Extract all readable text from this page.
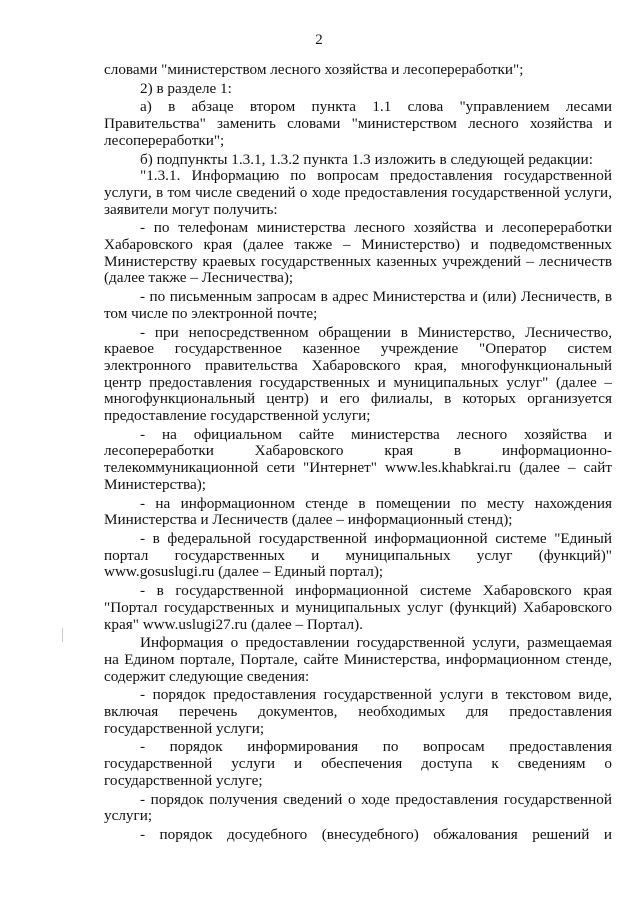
2

словами "министерством лесного хозяйства и лесопереработки";

2) в разделе 1:

а) в абзаце втором пункта 1.1 слова "управлением лесами Правительства" заменить словами "министерством лесного хозяйства и лесопереработки";

б) подпункты 1.3.1, 1.3.2 пункта 1.3 изложить в следующей редакции:

"1.3.1. Информацию по вопросам предоставления государственной услуги, в том числе сведений о ходе предоставления государственной услуги, заявители могут получить:

- по телефонам министерства лесного хозяйства и лесопереработки Хабаровского края (далее также – Министерство) и подведомственных Министерству краевых государственных казенных учреждений – лесничеств (далее также – Лесничества);

- по письменным запросам в адрес Министерства и (или) Лесничеств, в том числе по электронной почте;

- при непосредственном обращении в Министерство, Лесничество, краевое государственное казенное учреждение "Оператор систем электронного правительства Хабаровского края, многофункциональный центр предоставления государственных и муниципальных услуг" (далее – многофункциональный центр) и его филиалы, в которых организуется предоставление государственной услуги;

- на официальном сайте министерства лесного хозяйства и лесопереработки Хабаровского края в информационно-телекоммуникационной сети "Интернет" www.les.khabkrai.ru (далее – сайт Министерства);

- на информационном стенде в помещении по месту нахождения Министерства и Лесничеств (далее – информационный стенд);

- в федеральной государственной информационной системе "Единый портал государственных и муниципальных услуг (функций)" www.gosuslugi.ru (далее – Единый портал);

- в государственной информационной системе Хабаровского края "Портал государственных и муниципальных услуг (функций) Хабаровского края" www.uslugi27.ru (далее – Портал).

Информация о предоставлении государственной услуги, размещаемая на Едином портале, Портале, сайте Министерства, информационном стенде, содержит следующие сведения:

- порядок предоставления государственной услуги в текстовом виде, включая перечень документов, необходимых для предоставления государственной услуги;

- порядок информирования по вопросам предоставления государственной услуги и обеспечения доступа к сведениям о государственной услуге;

- порядок получения сведений о ходе предоставления государственной услуги;

- порядок досудебного (внесудебного) обжалования решений и
